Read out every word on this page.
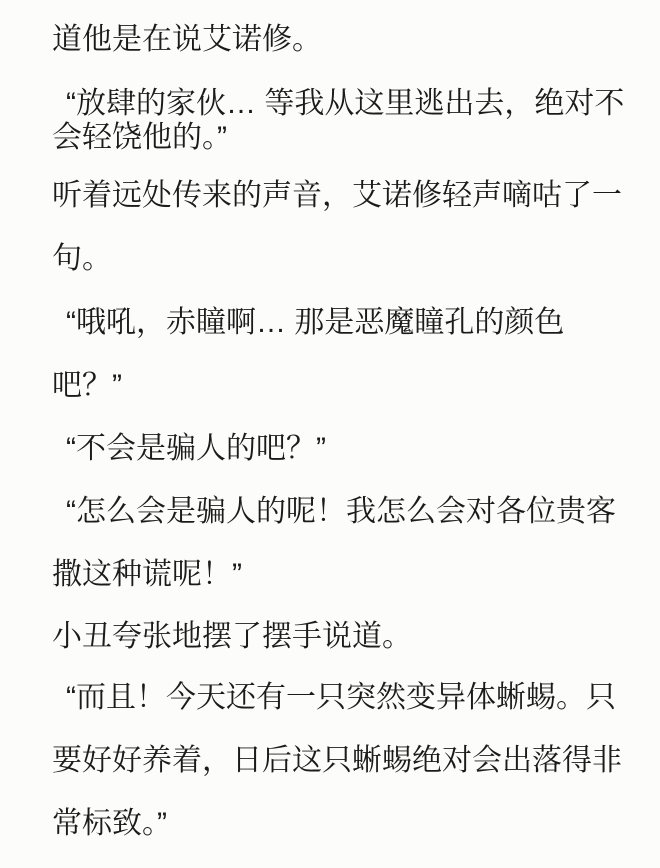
道他是在说艾诺修。

“放肆的家伙… 等我从这里逃出去，绝对不
会轻饶他的。”

听着远处传来的声音，艾诺修轻声嘀咕了一
句。

“哦吼，赤瞳啊… 那是恶魔瞳孔的颜色
吧？”

“不会是骗人的吧？”

“怎么会是骗人的呢！我怎么会对各位贵客
撒这种谎呢！”

小丑夸张地摆了摆手说道。

“而且！今天还有一只突然变异体蜥蜴。只
要好好养着，日后这只蜥蜴绝对会出落得非
常标致。”
